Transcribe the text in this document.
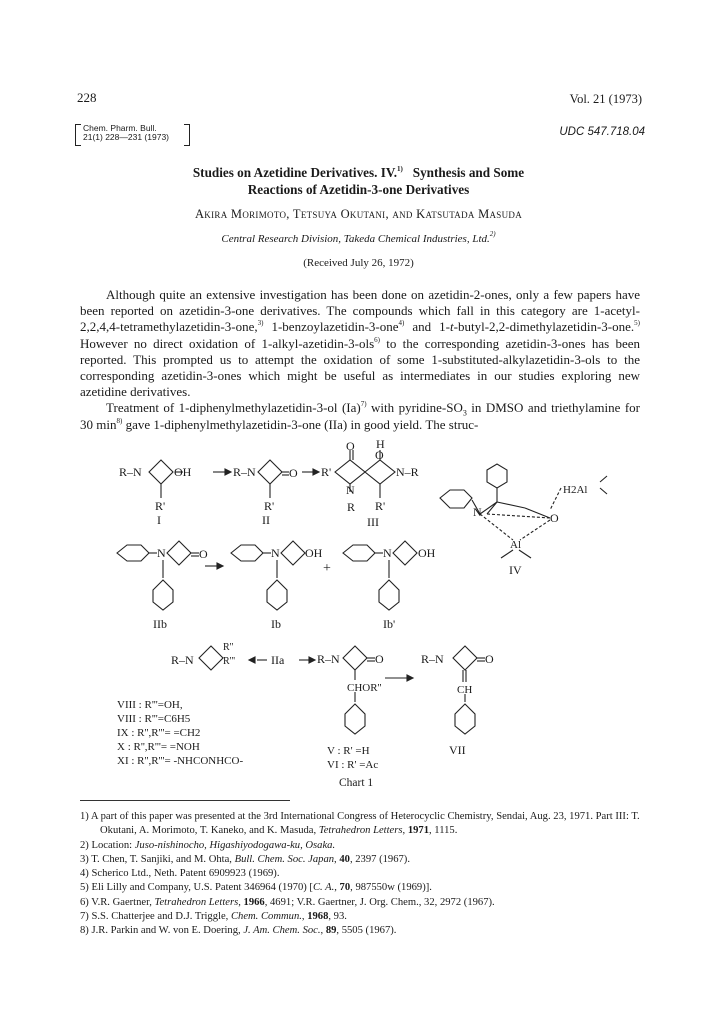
228	Vol. 21 (1973)
Chem. Pharm. Bull.
21(1) 228—231 (1973)	UDC 547.718.04
Studies on Azetidine Derivatives. IV.$^{1)}$ Synthesis and Some
Reactions of Azetidin-3-one Derivatives
Akira Morimoto, Tetsuya Okutani, and Katsutada Masuda
Central Research Division, Takeda Chemical Industries, Ltd.$^{2)}$
(Received July 26, 1972)

Although quite an extensive investigation has been done on azetidin-2-ones, only a few papers have been reported on azetidin-3-one derivatives. The compounds which fall in this category are 1-acetyl-2,2,4,4-tetramethylazetidin-3-one,$^{3)}$ 1-benzoylazetidin-3-one$^{4)}$ and 1-t-butyl-2,2-dimethylazetidin-3-one.$^{5)}$ However no direct oxidation of 1-alkyl-azetidin-3-ols$^{6)}$ to the corresponding azetidin-3-ones has been reported. This prompted us to attempt the oxidation of some 1-substituted-alkylazetidin-3-ols to the corresponding azetidin-3-ones which might be useful as intermediates in our studies exploring new azetidine derivatives.

Treatment of 1-diphenylmethylazetidin-3-ol $(Ia)^{7)}$ with pyridine-$SO_3$ in DMSO and triethylamine for 30 $\min^{8)}$ gave 1-diphenylmethylazetidin-3-one (IIa) in good yield. The struc-

R–N	OH
R'
I
R–N	O
R'
II
R'
O H
O
N–R
N
R R'
III
H2Al
N	O
Al
IV
N	O
IIb
N OH
Ib
+
N OH
Ib'
R–N
R''
R'''	IIa	R–N	O
CHOR''
R–N	O
CH
VIII : R'''=OH,
VIII : R'''=C6H5
IX : R'',R'''= =CH2
X : R'',R'''= =NOH
XI : R'',R'''= -NHCONHCO-
V : R' =H
VI : R' =Ac
VII
Chart 1
1) A part of this paper was presented at the 3rd International Congress of Heterocyclic Chemistry, Sendai, Aug. 23, 1971. Part III: T. Okutani, A. Morimoto, T. Kaneko, and K. Masuda, Tetrahedron Letters, 1971, 1115.
2) Location: Juso-nishinocho, Higashiyodogawa-ku, Osaka.
3) T. Chen, T. Sanjiki, and M. Ohta, Bull. Chem. Soc. Japan, 40, 2397 (1967).
4) Scherico Ltd., Neth. Patent 6909923 (1969).
5) Eli Lilly and Company, U.S. Patent 346964 (1970) [C. A., 70, 987550w (1969)].
6) V.R. Gaertner, Tetrahedron Letters, 1966, 4691; V.R. Gaertner, J. Org. Chem., 32, 2972 (1967).
7) S.S. Chatterjee and D.J. Triggle, Chem. Commun., 1968, 93.
8) J.R. Parkin and W. von E. Doering, J. Am. Chem. Soc., 89, 5505 (1967).
